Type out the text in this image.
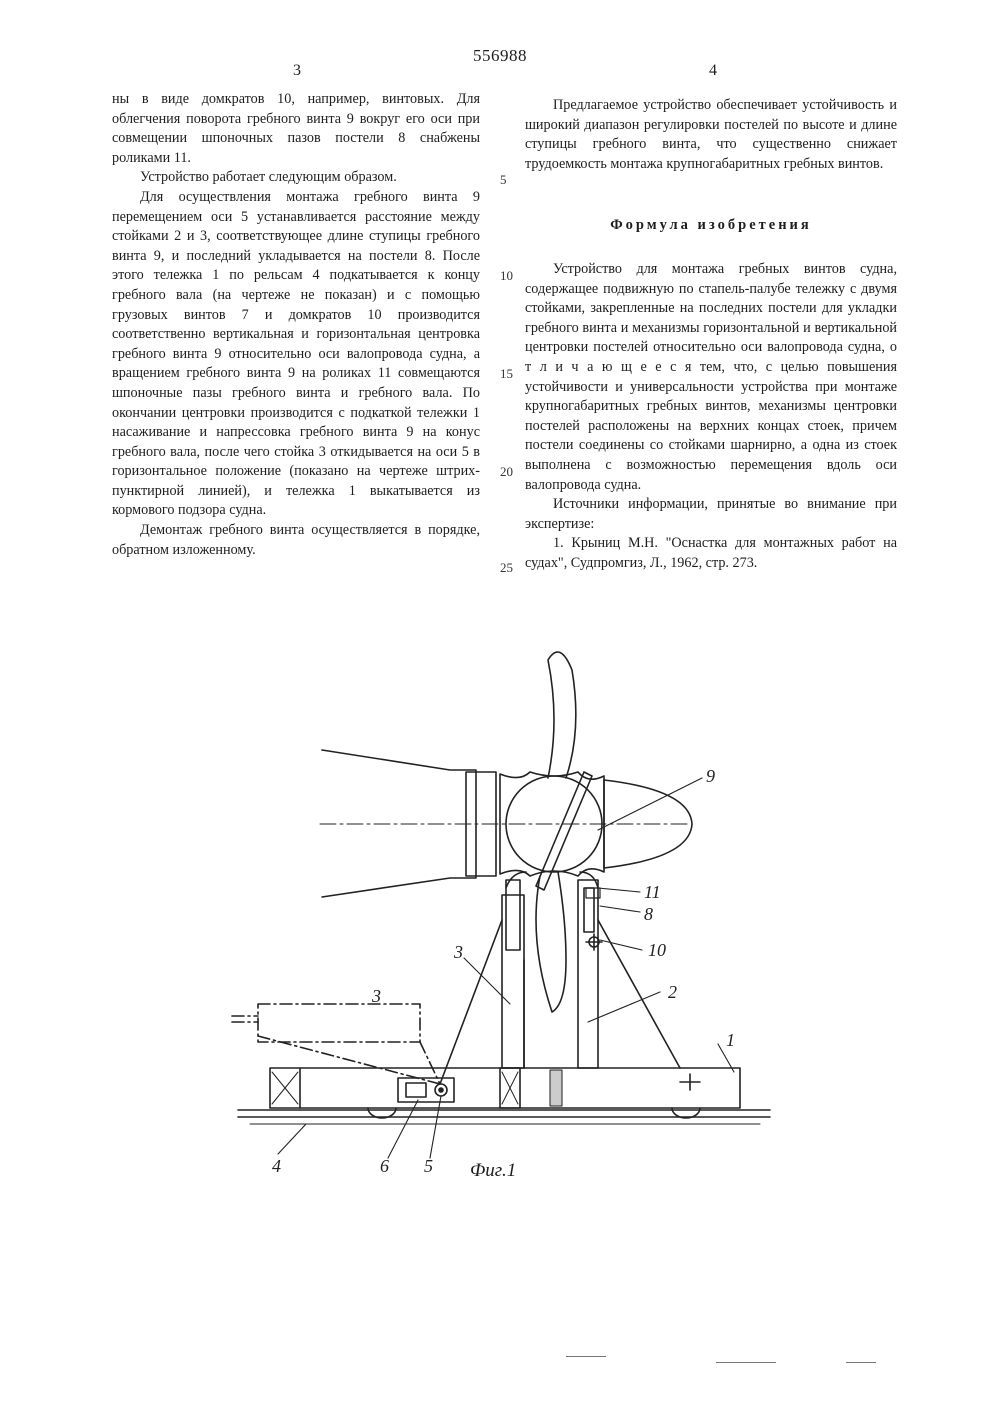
556988
3	4

ны в виде домкратов 10, например, винтовых. Для облегчения поворота гребного винта 9 вокруг его оси при совмещении шпоночных пазов постели 8 снабжены роликами 11.

Устройство работает следующим образом.

Для осуществления монтажа гребного винта 9 перемещением оси 5 устанавливается расстояние между стойками 2 и 3, соответствующее длине ступицы гребного винта 9, и последний укладывается на постели 8. После этого тележка 1 по рельсам 4 подкатывается к концу гребного вала (на чертеже не показан) и с помощью грузовых винтов 7 и домкратов 10 производится соответственно вертикальная и горизонтальная центровка гребного винта 9 относительно оси валопровода судна, а вращением гребного винта 9 на роликах 11 совмещаются шпоночные пазы гребного винта и гребного вала. По окончании центровки производится с подкаткой тележки 1 насаживание и напрессовка гребного винта 9 на конус гребного вала, после чего стойка 3 откидывается на оси 5 в горизонтальное положение (показано на чертеже штрих-пунктирной линией), и тележка 1 выкатывается из кормового подзора судна.

Демонтаж гребного винта осуществляется в порядке, обратном изложенному.

5
10
15
20
25

Предлагаемое устройство обеспечивает устойчивость и широкий диапазон регулировки постелей по высоте и длине ступицы гребного винта, что существенно снижает трудоемкость монтажа крупногабаритных гребных винтов.

Формула изобретения

Устройство для монтажа гребных винтов судна, содержащее подвижную по стапель-палубе тележку с двумя стойками, закрепленные на последних постели для укладки гребного винта и механизмы горизонтальной и вертикальной центровки постелей относительно оси валопровода судна, о т л и ч а ю щ е е с я тем, что, с целью повышения устойчивости и универсальности устройства при монтаже крупногабаритных гребных винтов, механизмы центровки постелей расположены на верхних концах стоек, причем постели соединены со стойками шарнирно, а одна из стоек выполнена с возможностью перемещения вдоль оси валопровода судна.

Источники информации, принятые во внимание при экспертизе:

1. Крыниц М.Н. "Оснастка для монтажных работ на судах", Судпромгиз, Л., 1962, стр. 273.

9
11
8
10
3
2
1
3
4	6 5 Фиг.1
